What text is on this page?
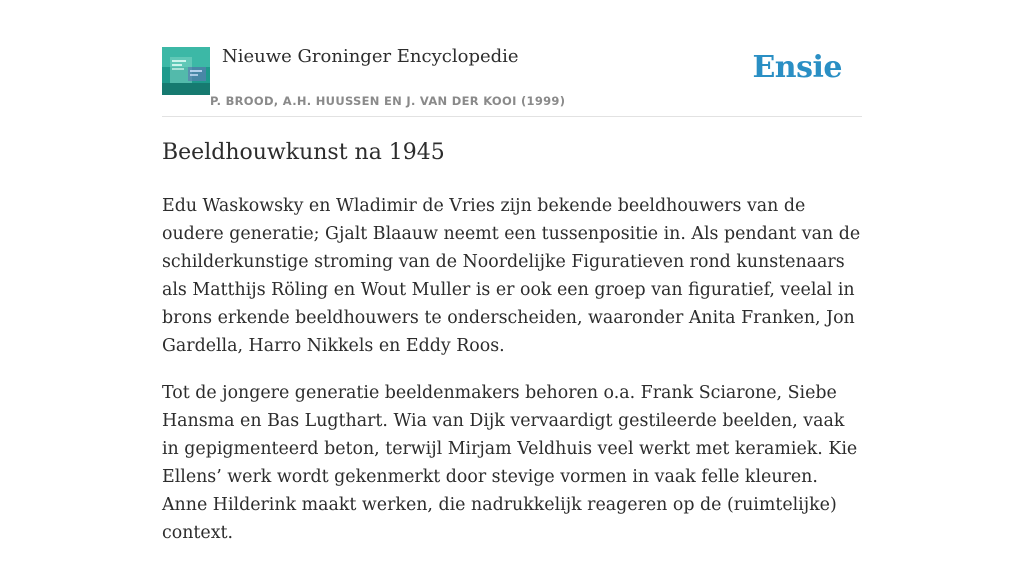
Nieuwe Groninger Encyclopedie
P. BROOD, A.H. HUUSSEN EN J. VAN DER KOOI (1999)
Ensie
Beeldhouwkunst na 1945

Edu Waskowsky en Wladimir de Vries zijn bekende beeldhouwers van de oudere generatie; Gjalt Blaauw neemt een tussenpositie in. Als pendant van de schilderkunstige stroming van de Noordelijke Figuratieven rond kunstenaars als Matthijs Röling en Wout Muller is er ook een groep van figuratief, veelal in brons erkende beeldhouwers te onderscheiden, waaronder Anita Franken, Jon Gardella, Harro Nikkels en Eddy Roos.

Tot de jongere generatie beeldenmakers behoren o.a. Frank Sciarone, Siebe Hansma en Bas Lugthart. Wia van Dijk vervaardigt gestileerde beelden, vaak in gepigmenteerd beton, terwijl Mirjam Veldhuis veel werkt met keramiek. Kie Ellens’ werk wordt gekenmerkt door stevige vormen in vaak felle kleuren. Anne Hilderink maakt werken, die nadrukkelijk reageren op de (ruimtelijke) context.
